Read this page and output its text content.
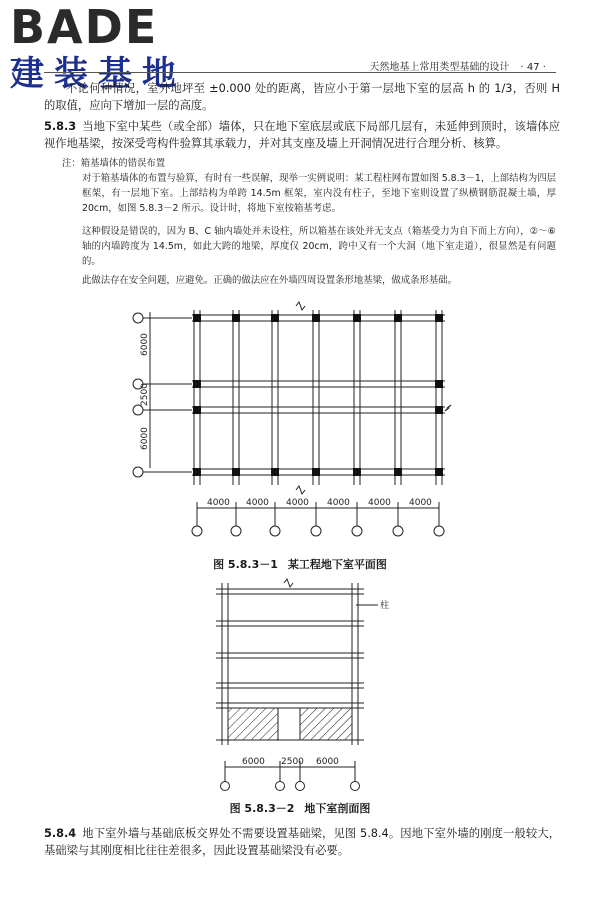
BADE
建装基地	天然地基上常用类型基础的设计 · 47 ·
不论何种情况，室外地坪至 ±0.000 处的距离，皆应小于第一层地下室的层高 h 的 1/3，否则 H 的取值，应向下增加一层的高度。
5.8.3 当地下室中某些（或全部）墙体，只在地下室底层或底下局部几层有，未延伸到顶时，该墙体应视作地基梁，按深受弯构件验算其承载力，并对其支座及墙上开洞情况进行合理分析、核算。
注：箱基墙体的错误布置
对于箱基墙体的布置与验算，有时有一些误解，现举一实例说明：某工程柱网布置如图 5.8.3－1，上部结构为四层框架，有一层地下室。上部结构为单跨 14.5m 框架，室内没有柱子，至地下室则设置了纵横钢筋混凝土墙，厚 20cm，如图 5.8.3－2 所示。设计时，将地下室按箱基考虑。
这种假设是错误的，因为 B、C 轴内墙处并未设柱，所以箱基在该处并无支点（箱基受力为自下而上方向），②～⑥轴的内墙跨度为 14.5m，如此大跨的地梁，厚度仅 20cm，跨中又有一个大洞（地下室走道），很显然是有问题的。
此做法存在安全问题，应避免。正确的做法应在外墙四周设置条形地基梁，做成条形基础。
6000
2500
6000
4000 4000 4000 4000 4000 4000
图 5.8.3－1 某工程地下室平面图
柱
6000 2500 6000
图 5.8.3－2 地下室剖面图
5.8.4 地下室外墙与基础底板交界处不需要设置基础梁，见图 5.8.4。因地下室外墙的刚度一般较大，基础梁与其刚度相比往往差很多，因此设置基础梁没有必要。
